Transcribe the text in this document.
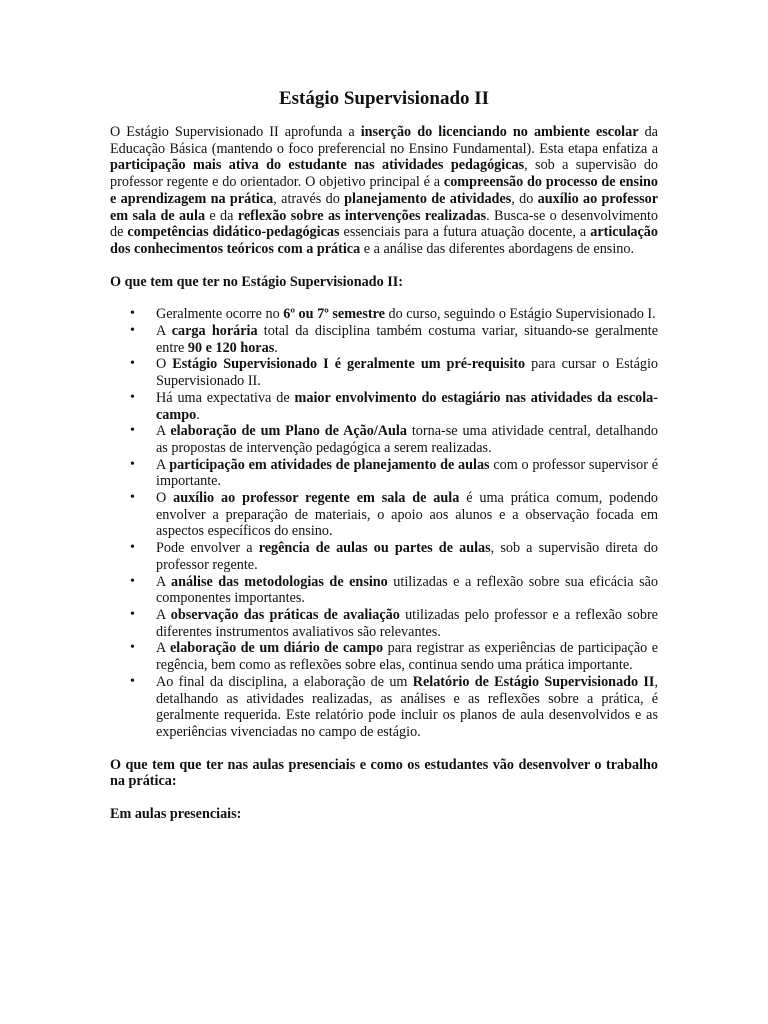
Estágio Supervisionado II

O Estágio Supervisionado II aprofunda a inserção do licenciando no ambiente escolar da Educação Básica (mantendo o foco preferencial no Ensino Fundamental). Esta etapa enfatiza a participação mais ativa do estudante nas atividades pedagógicas, sob a supervisão do professor regente e do orientador. O objetivo principal é a compreensão do processo de ensino e aprendizagem na prática, através do planejamento de atividades, do auxílio ao professor em sala de aula e da reflexão sobre as intervenções realizadas. Busca-se o desenvolvimento de competências didático-pedagógicas essenciais para a futura atuação docente, a articulação dos conhecimentos teóricos com a prática e a análise das diferentes abordagens de ensino.

O que tem que ter no Estágio Supervisionado II:

• Geralmente ocorre no 6º ou 7º semestre do curso, seguindo o Estágio Supervisionado I.
• A carga horária total da disciplina também costuma variar, situando-se geralmente entre 90 e 120 horas.
• O Estágio Supervisionado I é geralmente um pré-requisito para cursar o Estágio Supervisionado II.
• Há uma expectativa de maior envolvimento do estagiário nas atividades da escola-campo.
• A elaboração de um Plano de Ação/Aula torna-se uma atividade central, detalhando as propostas de intervenção pedagógica a serem realizadas.
• A participação em atividades de planejamento de aulas com o professor supervisor é importante.
• O auxílio ao professor regente em sala de aula é uma prática comum, podendo envolver a preparação de materiais, o apoio aos alunos e a observação focada em aspectos específicos do ensino.
• Pode envolver a regência de aulas ou partes de aulas, sob a supervisão direta do professor regente.
• A análise das metodologias de ensino utilizadas e a reflexão sobre sua eficácia são componentes importantes.
• A observação das práticas de avaliação utilizadas pelo professor e a reflexão sobre diferentes instrumentos avaliativos são relevantes.
• A elaboração de um diário de campo para registrar as experiências de participação e regência, bem como as reflexões sobre elas, continua sendo uma prática importante.
• Ao final da disciplina, a elaboração de um Relatório de Estágio Supervisionado II, detalhando as atividades realizadas, as análises e as reflexões sobre a prática, é geralmente requerida. Este relatório pode incluir os planos de aula desenvolvidos e as experiências vivenciadas no campo de estágio.

O que tem que ter nas aulas presenciais e como os estudantes vão desenvolver o trabalho na prática:

Em aulas presenciais:
